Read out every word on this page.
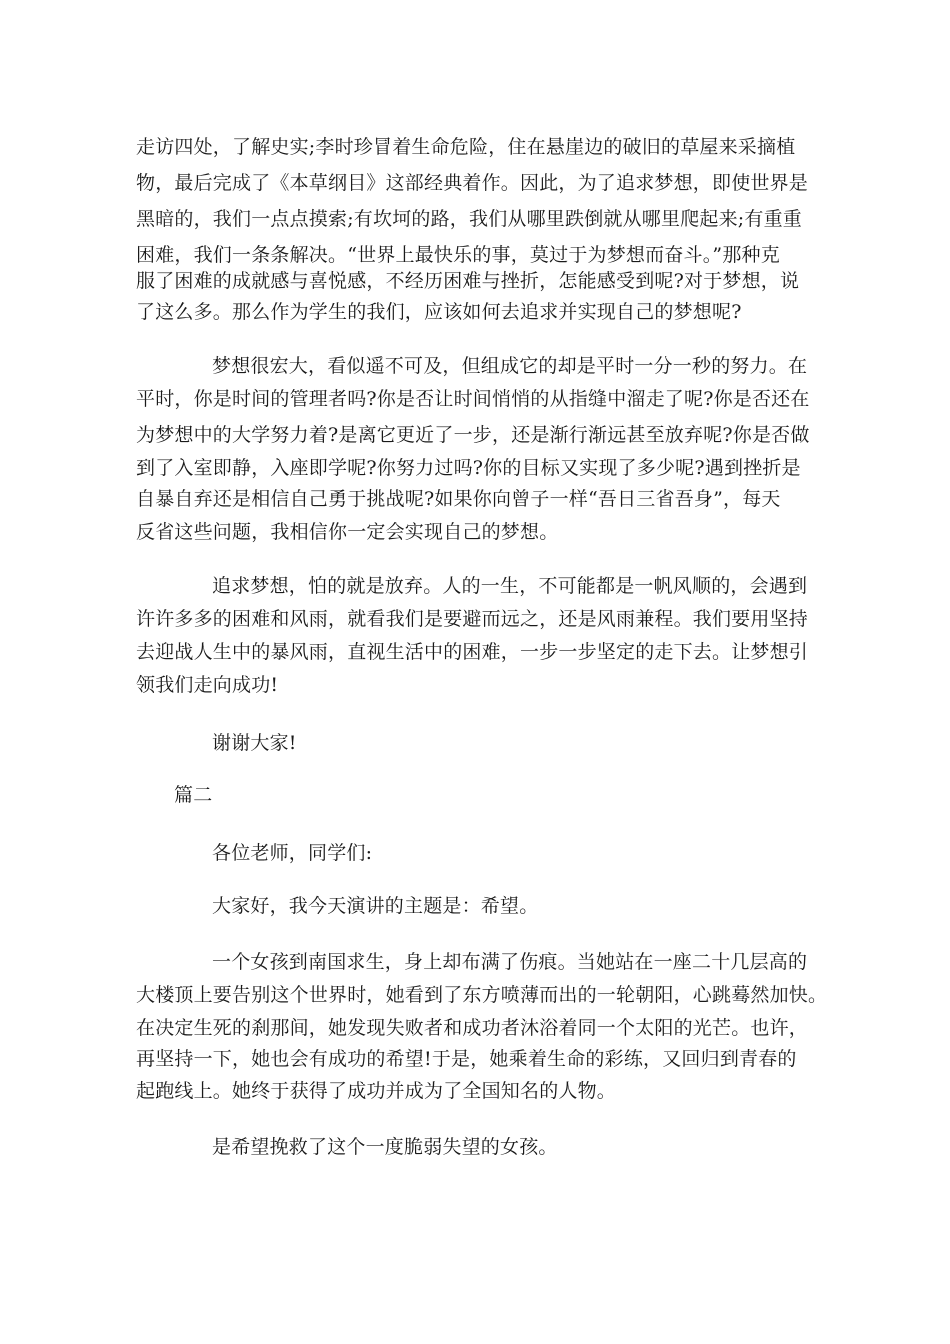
走访四处，了解史实;李时珍冒着生命危险，住在悬崖边的破旧的草屋来采摘植
物，最后完成了《本草纲目》这部经典着作。因此，为了追求梦想，即使世界是
黑暗的，我们一点点摸索;有坎坷的路，我们从哪里跌倒就从哪里爬起来;有重重
困难，我们一条条解决。“世界上最快乐的事，莫过于为梦想而奋斗。”那种克
服了困难的成就感与喜悦感，不经历困难与挫折，怎能感受到呢?对于梦想，说
了这么多。那么作为学生的我们，应该如何去追求并实现自己的梦想呢?
梦想很宏大，看似遥不可及，但组成它的却是平时一分一秒的努力。在
平时，你是时间的管理者吗?你是否让时间悄悄的从指缝中溜走了呢?你是否还在
为梦想中的大学努力着?是离它更近了一步，还是渐行渐远甚至放弃呢?你是否做
到了入室即静，入座即学呢?你努力过吗?你的目标又实现了多少呢?遇到挫折是
自暴自弃还是相信自己勇于挑战呢?如果你向曾子一样“吾日三省吾身”，每天
反省这些问题，我相信你一定会实现自己的梦想。
追求梦想，怕的就是放弃。人的一生，不可能都是一帆风顺的，会遇到
许许多多的困难和风雨，就看我们是要避而远之，还是风雨兼程。我们要用坚持
去迎战人生中的暴风雨，直视生活中的困难，一步一步坚定的走下去。让梦想引
领我们走向成功!
谢谢大家!
篇二
各位老师，同学们:
大家好，我今天演讲的主题是：希望。
一个女孩到南国求生，身上却布满了伤痕。当她站在一座二十几层高的
大楼顶上要告别这个世界时，她看到了东方喷薄而出的一轮朝阳，心跳蓦然加快。
在决定生死的刹那间，她发现失败者和成功者沐浴着同一个太阳的光芒。也许，
再坚持一下，她也会有成功的希望!于是，她乘着生命的彩练，又回归到青春的
起跑线上。她终于获得了成功并成为了全国知名的人物。
是希望挽救了这个一度脆弱失望的女孩。
